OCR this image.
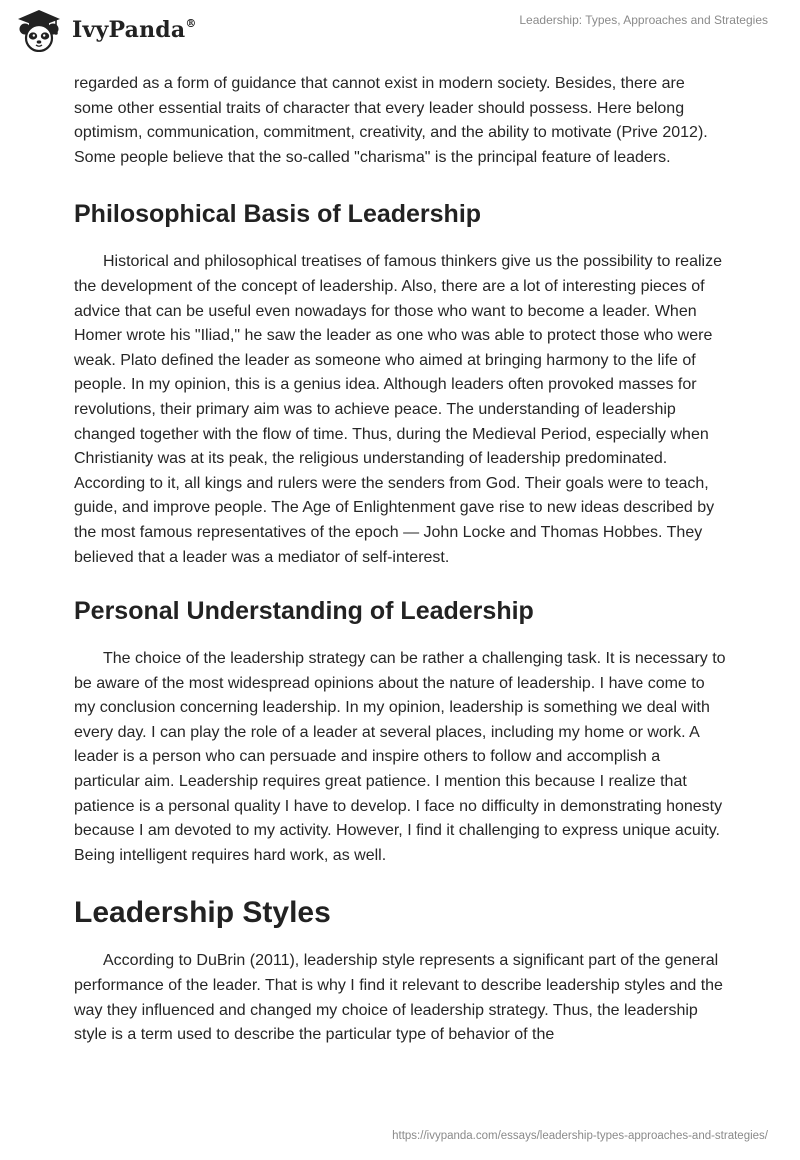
IvyPanda®	Leadership: Types, Approaches and Strategies

regarded as a form of guidance that cannot exist in modern society. Besides, there are some other essential traits of character that every leader should possess. Here belong optimism, communication, commitment, creativity, and the ability to motivate (Prive 2012). Some people believe that the so-called "charisma" is the principal feature of leaders.

Philosophical Basis of Leadership

Historical and philosophical treatises of famous thinkers give us the possibility to realize the development of the concept of leadership. Also, there are a lot of interesting pieces of advice that can be useful even nowadays for those who want to become a leader. When Homer wrote his "Iliad," he saw the leader as one who was able to protect those who were weak. Plato defined the leader as someone who aimed at bringing harmony to the life of people. In my opinion, this is a genius idea. Although leaders often provoked masses for revolutions, their primary aim was to achieve peace. The understanding of leadership changed together with the flow of time. Thus, during the Medieval Period, especially when Christianity was at its peak, the religious understanding of leadership predominated. According to it, all kings and rulers were the senders from God. Their goals were to teach, guide, and improve people. The Age of Enlightenment gave rise to new ideas described by the most famous representatives of the epoch — John Locke and Thomas Hobbes. They believed that a leader was a mediator of self-interest.

Personal Understanding of Leadership

The choice of the leadership strategy can be rather a challenging task. It is necessary to be aware of the most widespread opinions about the nature of leadership. I have come to my conclusion concerning leadership. In my opinion, leadership is something we deal with every day. I can play the role of a leader at several places, including my home or work. A leader is a person who can persuade and inspire others to follow and accomplish a particular aim. Leadership requires great patience. I mention this because I realize that patience is a personal quality I have to develop. I face no difficulty in demonstrating honesty because I am devoted to my activity. However, I find it challenging to express unique acuity. Being intelligent requires hard work, as well.

Leadership Styles

According to DuBrin (2011), leadership style represents a significant part of the general performance of the leader. That is why I find it relevant to describe leadership styles and the way they influenced and changed my choice of leadership strategy. Thus, the leadership style is a term used to describe the particular type of behavior of the

https://ivypanda.com/essays/leadership-types-approaches-and-strategies/
